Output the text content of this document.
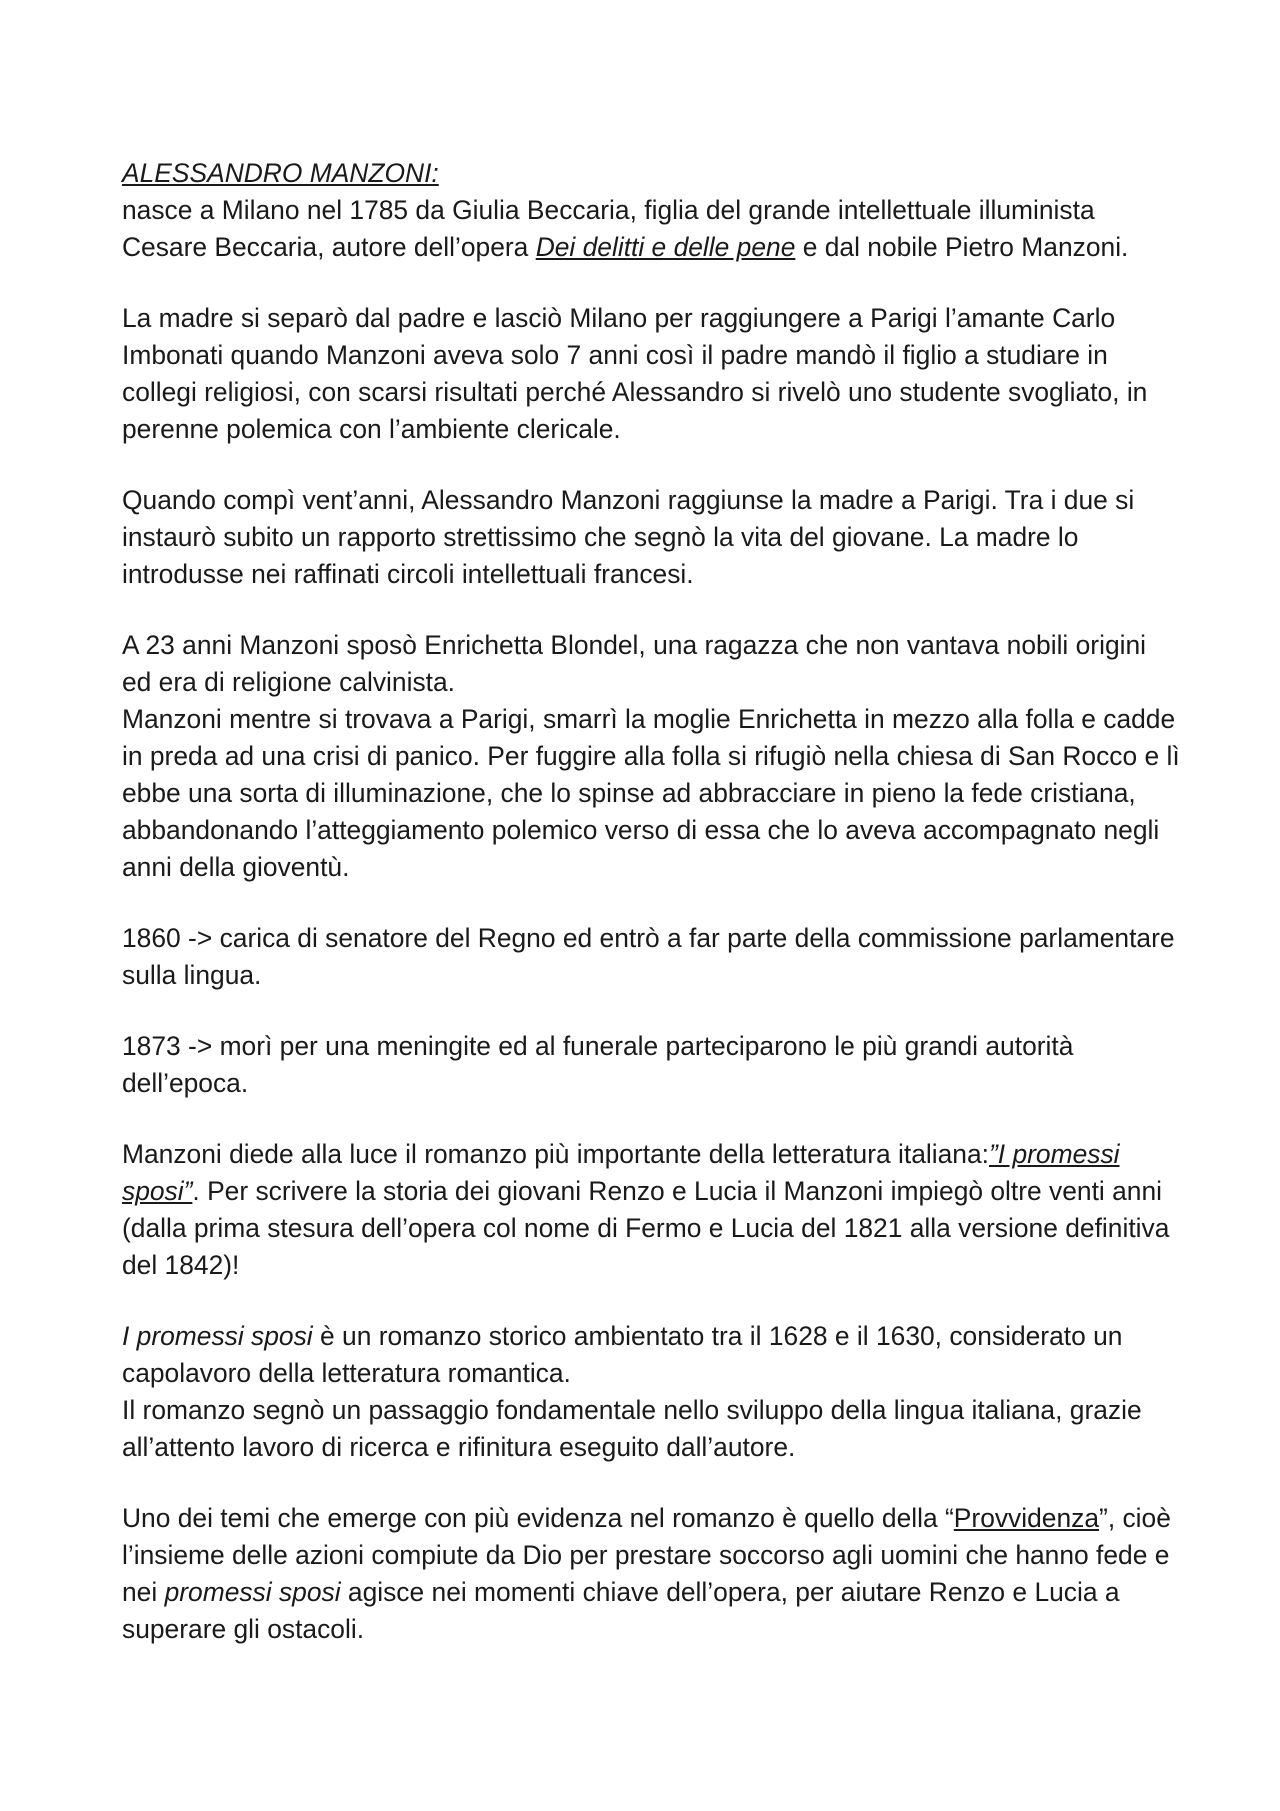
ALESSANDRO MANZONI:

nasce a Milano nel 1785 da Giulia Beccaria, figlia del grande intellettuale illuminista Cesare Beccaria, autore dell’opera Dei delitti e delle pene e dal nobile Pietro Manzoni.

La madre si separò dal padre e lasciò Milano per raggiungere a Parigi l’amante Carlo Imbonati quando Manzoni aveva solo 7 anni così il padre mandò il figlio a studiare in collegi religiosi, con scarsi risultati perché Alessandro si rivelò uno studente svogliato, in perenne polemica con l’ambiente clericale.

Quando compì vent’anni, Alessandro Manzoni raggiunse la madre a Parigi. Tra i due si instaurò subito un rapporto strettissimo che segnò la vita del giovane. La madre lo introdusse nei raffinati circoli intellettuali francesi.

A 23 anni Manzoni sposò Enrichetta Blondel, una ragazza che non vantava nobili origini ed era di religione calvinista.

Manzoni mentre si trovava a Parigi, smarrì la moglie Enrichetta in mezzo alla folla e cadde in preda ad una crisi di panico. Per fuggire alla folla si rifugiò nella chiesa di San Rocco e lì ebbe una sorta di illuminazione, che lo spinse ad abbracciare in pieno la fede cristiana, abbandonando l’atteggiamento polemico verso di essa che lo aveva accompagnato negli anni della gioventù.

1860 -> carica di senatore del Regno ed entrò a far parte della commissione parlamentare sulla lingua.

1873 -> morì per una meningite ed al funerale parteciparono le più grandi autorità dell’epoca.

Manzoni diede alla luce il romanzo più importante della letteratura italiana:”I promessi sposi”. Per scrivere la storia dei giovani Renzo e Lucia il Manzoni impiegò oltre venti anni (dalla prima stesura dell’opera col nome di Fermo e Lucia del 1821 alla versione definitiva del 1842)!

I promessi sposi è un romanzo storico ambientato tra il 1628 e il 1630, considerato un capolavoro della letteratura romantica.

Il romanzo segnò un passaggio fondamentale nello sviluppo della lingua italiana, grazie all’attento lavoro di ricerca e rifinitura eseguito dall’autore.

Uno dei temi che emerge con più evidenza nel romanzo è quello della “Provvidenza”, cioè l’insieme delle azioni compiute da Dio per prestare soccorso agli uomini che hanno fede e nei promessi sposi agisce nei momenti chiave dell’opera, per aiutare Renzo e Lucia a superare gli ostacoli.
